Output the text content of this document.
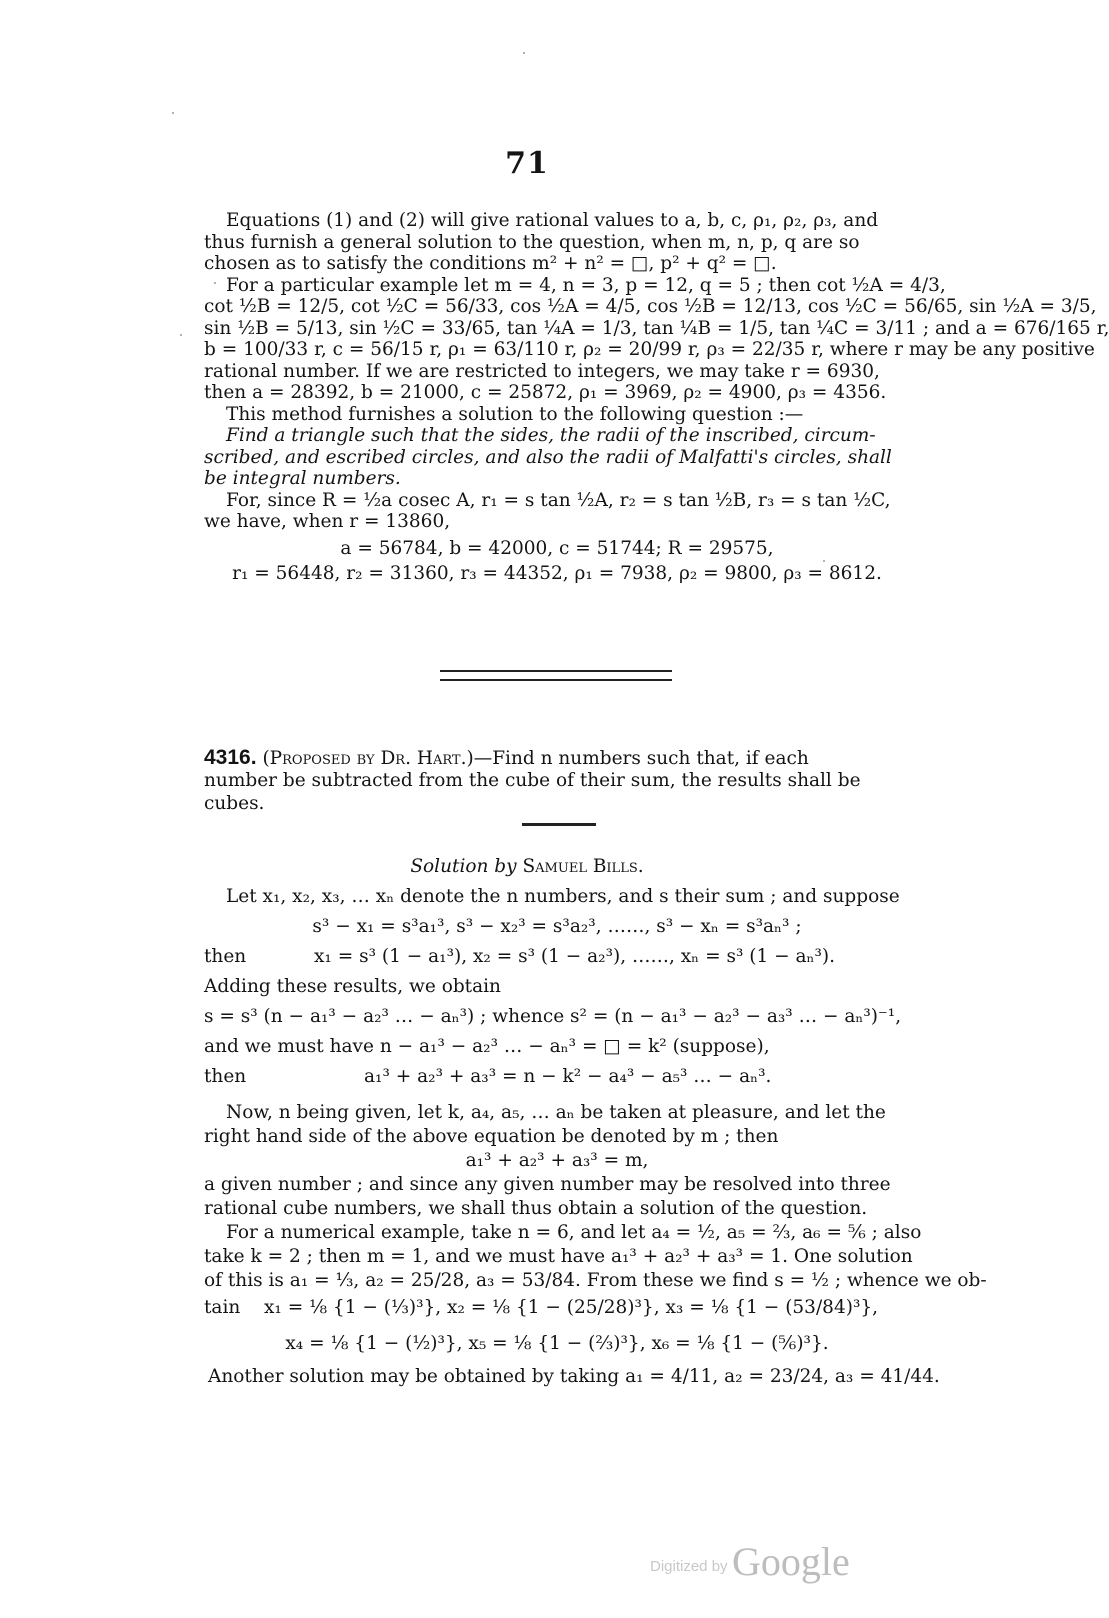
71
Equations (1) and (2) will give rational values to a, b, c, ρ₁, ρ₂, ρ₃, and
thus furnish a general solution to the question, when m, n, p, q are so
chosen as to satisfy the conditions m² + n² = □, p² + q² = □.
For a particular example let m = 4, n = 3, p = 12, q = 5 ; then cot ½A = 4/3,
cot ½B = 12/5, cot ½C = 56/33, cos ½A = 4/5, cos ½B = 12/13, cos ½C = 56/65, sin ½A = 3/5,
sin ½B = 5/13, sin ½C = 33/65, tan ¼A = 1/3, tan ¼B = 1/5, tan ¼C = 3/11 ; and a = 676/165 r,
b = 100/33 r, c = 56/15 r, ρ₁ = 63/110 r, ρ₂ = 20/99 r, ρ₃ = 22/35 r, where r may be any positive
rational number. If we are restricted to integers, we may take r = 6930,
then a = 28392, b = 21000, c = 25872, ρ₁ = 3969, ρ₂ = 4900, ρ₃ = 4356.
This method furnishes a solution to the following question :—
Find a triangle such that the sides, the radii of the inscribed, circum-
scribed, and escribed circles, and also the radii of Malfatti's circles, shall
be integral numbers.
For, since R = ½a cosec A, r₁ = s tan ½A, r₂ = s tan ½B, r₃ = s tan ½C,
we have, when r = 13860,
a = 56784, b = 42000, c = 51744; R = 29575,
r₁ = 56448, r₂ = 31360, r₃ = 44352, ρ₁ = 7938, ρ₂ = 9800, ρ₃ = 8612.
4316. (Proposed by Dr. Hart.)—Find n numbers such that, if each
number be subtracted from the cube of their sum, the results shall be
cubes.
Solution by Samuel Bills.
Let x₁, x₂, x₃, … xₙ denote the n numbers, and s their sum ; and suppose
s³ − x₁ = s³a₁³, s³ − x₂³ = s³a₂³, ……, s³ − xₙ = s³aₙ³ ;
then	x₁ = s³ (1 − a₁³), x₂ = s³ (1 − a₂³), ……, xₙ = s³ (1 − aₙ³).
Adding these results, we obtain
s = s³ (n − a₁³ − a₂³ … − aₙ³) ; whence s² = (n − a₁³ − a₂³ − a₃³ … − aₙ³)⁻¹,
and we must have n − a₁³ − a₂³ … − aₙ³ = □ = k² (suppose),
then	a₁³ + a₂³ + a₃³ = n − k² − a₄³ − a₅³ … − aₙ³.
Now, n being given, let k, a₄, a₅, … aₙ be taken at pleasure, and let the
right hand side of the above equation be denoted by m ; then
a₁³ + a₂³ + a₃³ = m,
a given number ; and since any given number may be resolved into three
rational cube numbers, we shall thus obtain a solution of the question.
For a numerical example, take n = 6, and let a₄ = ½, a₅ = ⅔, a₆ = ⅚ ; also
take k = 2 ; then m = 1, and we must have a₁³ + a₂³ + a₃³ = 1. One solution
of this is a₁ = ⅓, a₂ = 25/28, a₃ = 53/84. From these we find s = ½ ; whence we ob-
tain x₁ = ⅛ {1 − (⅓)³}, x₂ = ⅛ {1 − (25/28)³}, x₃ = ⅛ {1 − (53/84)³},
x₄ = ⅛ {1 − (½)³}, x₅ = ⅛ {1 − (⅔)³}, x₆ = ⅛ {1 − (⅚)³}.
Another solution may be obtained by taking a₁ = 4/11, a₂ = 23/24, a₃ = 41/44.
Digitized by Google
